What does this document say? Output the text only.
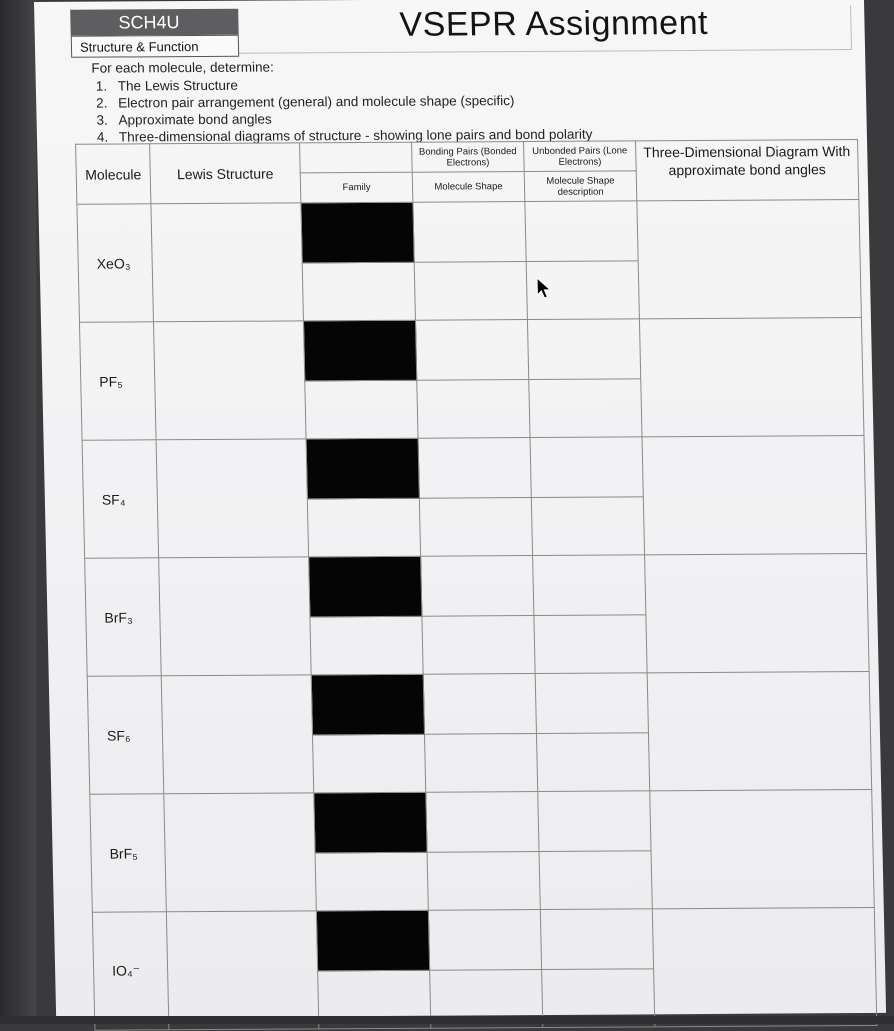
SCH4U
Structure & Function
VSEPR Assignment
For each molecule, determine:
1. The Lewis Structure
2. Electron pair arrangement (general) and molecule shape (specific)
3. Approximate bond angles
4. Three-dimensional diagrams of structure - showing lone pairs and bond polarity
Molecule	Lewis Structure		Bonding Pairs (Bonded Electrons)	Unbonded Pairs (Lone Electrons)	Three-Dimensional Diagram With approximate bond angles
		Family	Molecule Shape	Molecule Shape description	
XeO₃					

PF₅					

SF₄					

BrF₃					

SF₆					

BrF₅					

IO₄⁻					
